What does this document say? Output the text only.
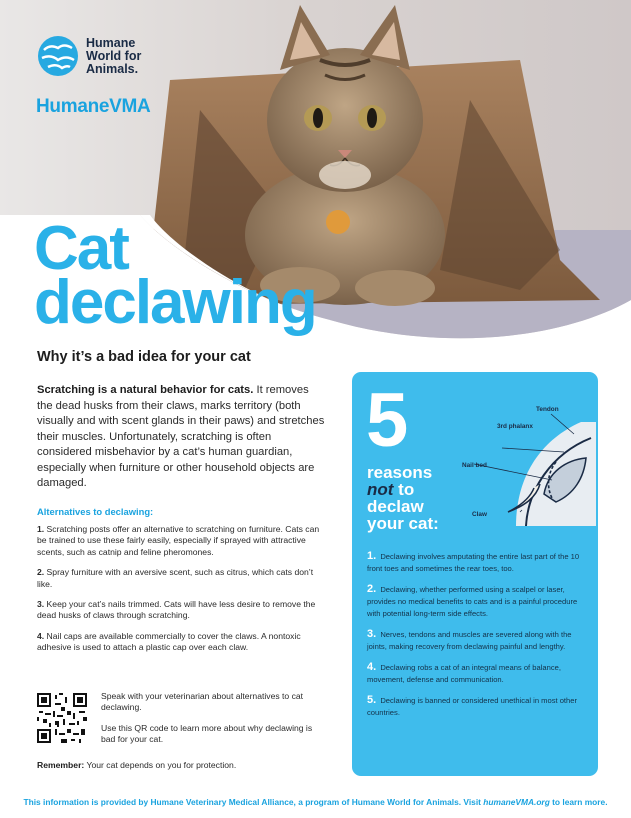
Humane
World for
Animals.
HumaneVMA
Cat
declawing
Why it’s a bad idea for your cat
Scratching is a natural behavior for cats. It removes the dead husks from their claws, marks territory (both visually and with scent glands in their paws) and stretches their muscles. Unfortunately, scratching is often considered misbehavior by a cat’s human guardian, especially when furniture or other household objects are damaged.
Alternatives to declawing:
1. Scratching posts offer an alternative to scratching on furniture. Cats can be trained to use these fairly easily, especially if sprayed with attractive scents, such as catnip and feline pheromones.
2. Spray furniture with an aversive scent, such as citrus, which cats don’t like.
3. Keep your cat’s nails trimmed. Cats will have less desire to remove the dead husks of claws through scratching.
4. Nail caps are available commercially to cover the claws. A nontoxic adhesive is used to attach a plastic cap over each claw.

Speak with your veterinarian about alternatives to cat declawing.

Use this QR code to learn more about why declawing is bad for your cat.

Remember: Your cat depends on you for protection.
5
reasons
not to
declaw
your cat:
Tendon
3rd phalanx
Nail bed
Claw
1. Declawing involves amputating the entire last part of the 10 front toes and sometimes the rear toes, too.
2. Declawing, whether performed using a scalpel or laser, provides no medical benefits to cats and is a painful procedure with potential long-term side effects.
3. Nerves, tendons and muscles are severed along with the joints, making recovery from declawing painful and lengthy.
4. Declawing robs a cat of an integral means of balance, movement, defense and communication.
5. Declawing is banned or considered unethical in most other countries.
This information is provided by Humane Veterinary Medical Alliance, a program of Humane World for Animals. Visit humaneVMA.org to learn more.
